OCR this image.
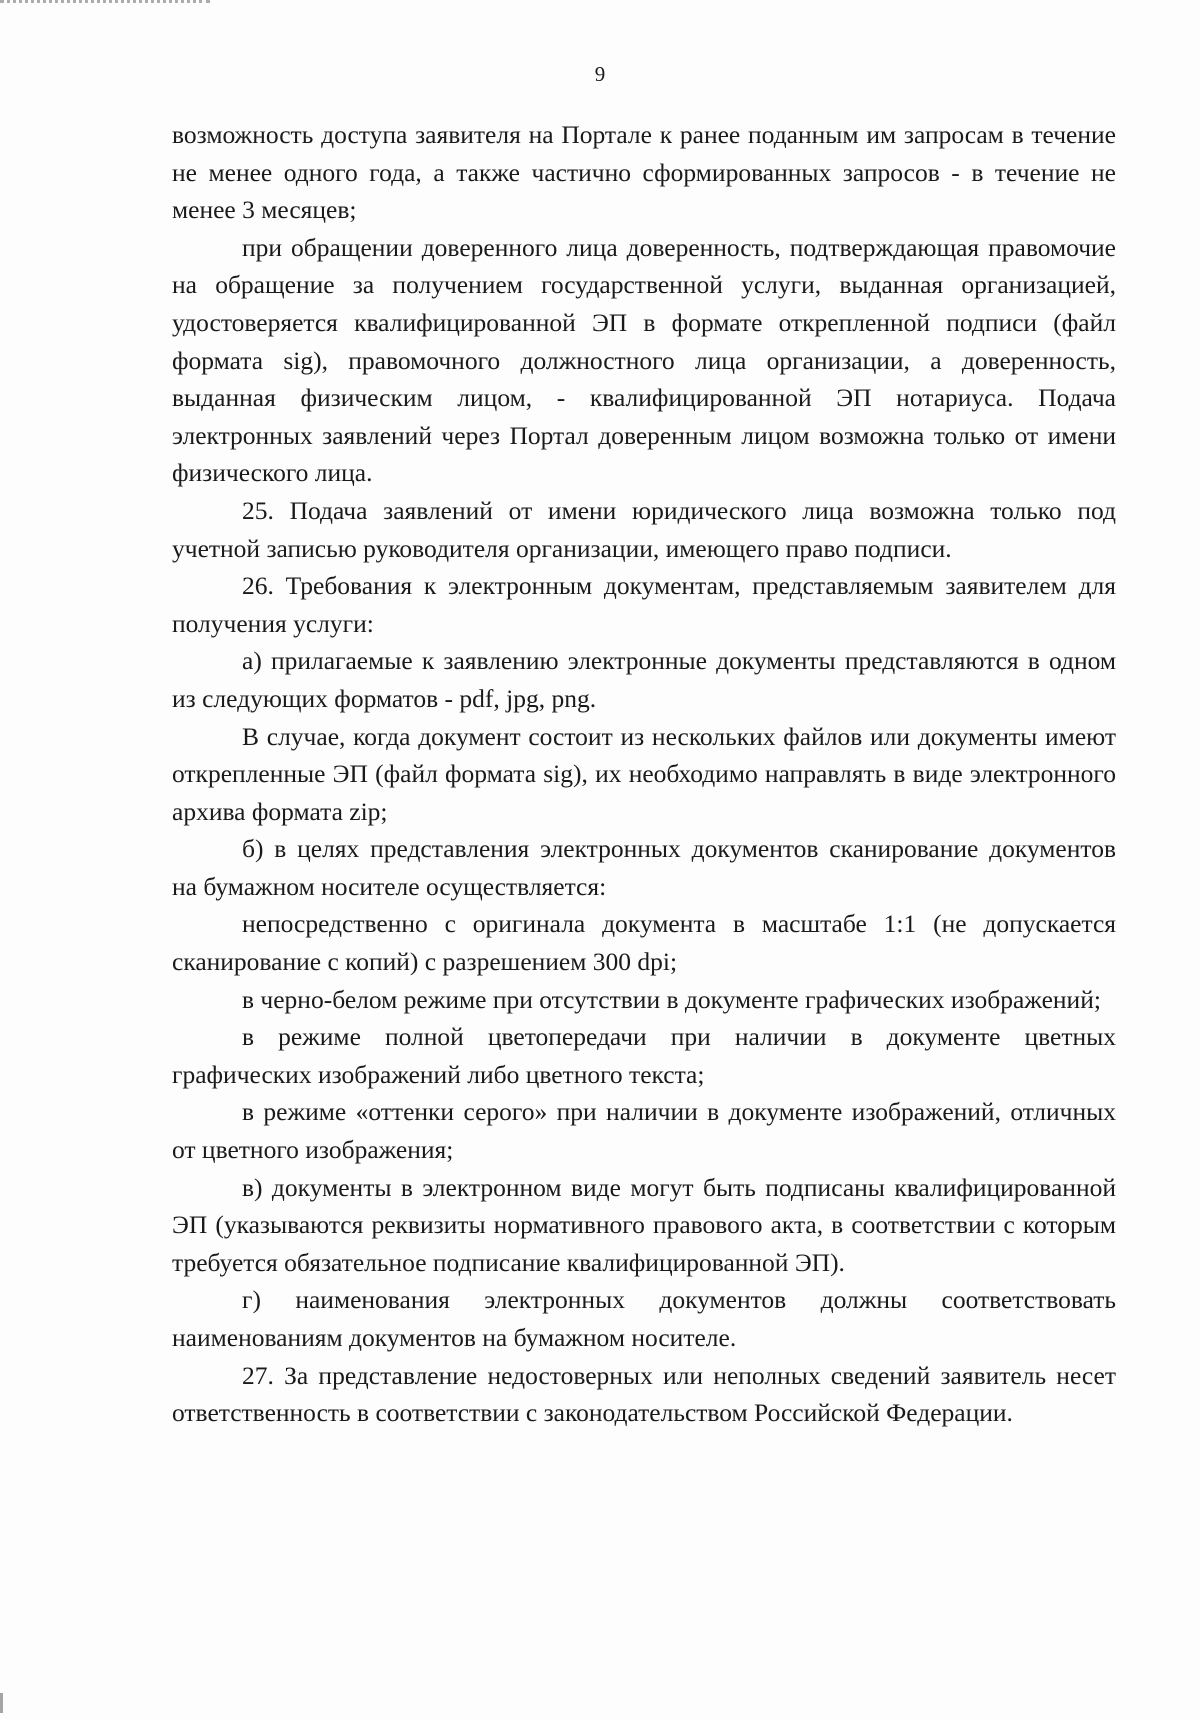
9

возможность доступа заявителя на Портале к ранее поданным им запросам в течение не менее одного года, а также частично сформированных запросов - в течение не менее 3 месяцев;

при обращении доверенного лица доверенность, подтверждающая правомочие на обращение за получением государственной услуги, выданная организацией, удостоверяется квалифицированной ЭП в формате открепленной подписи (файл формата sig), правомочного должностного лица организации, а доверенность, выданная физическим лицом, - квалифицированной ЭП нотариуса. Подача электронных заявлений через Портал доверенным лицом возможна только от имени физического лица.

25. Подача заявлений от имени юридического лица возможна только под учетной записью руководителя организации, имеющего право подписи.

26. Требования к электронным документам, представляемым заявителем для получения услуги:

а) прилагаемые к заявлению электронные документы представляются в одном из следующих форматов - pdf, jpg, png.

В случае, когда документ состоит из нескольких файлов или документы имеют открепленные ЭП (файл формата sig), их необходимо направлять в виде электронного архива формата zip;

б) в целях представления электронных документов сканирование документов на бумажном носителе осуществляется:

непосредственно с оригинала документа в масштабе 1:1 (не допускается сканирование с копий) с разрешением 300 dpi;

в черно-белом режиме при отсутствии в документе графических изображений;

в режиме полной цветопередачи при наличии в документе цветных графических изображений либо цветного текста;

в режиме «оттенки серого» при наличии в документе изображений, отличных от цветного изображения;

в) документы в электронном виде могут быть подписаны квалифицированной ЭП (указываются реквизиты нормативного правового акта, в соответствии с которым требуется обязательное подписание квалифицированной ЭП).

г) наименования электронных документов должны соответствовать наименованиям документов на бумажном носителе.

27. За представление недостоверных или неполных сведений заявитель несет ответственность в соответствии с законодательством Российской Федерации.
